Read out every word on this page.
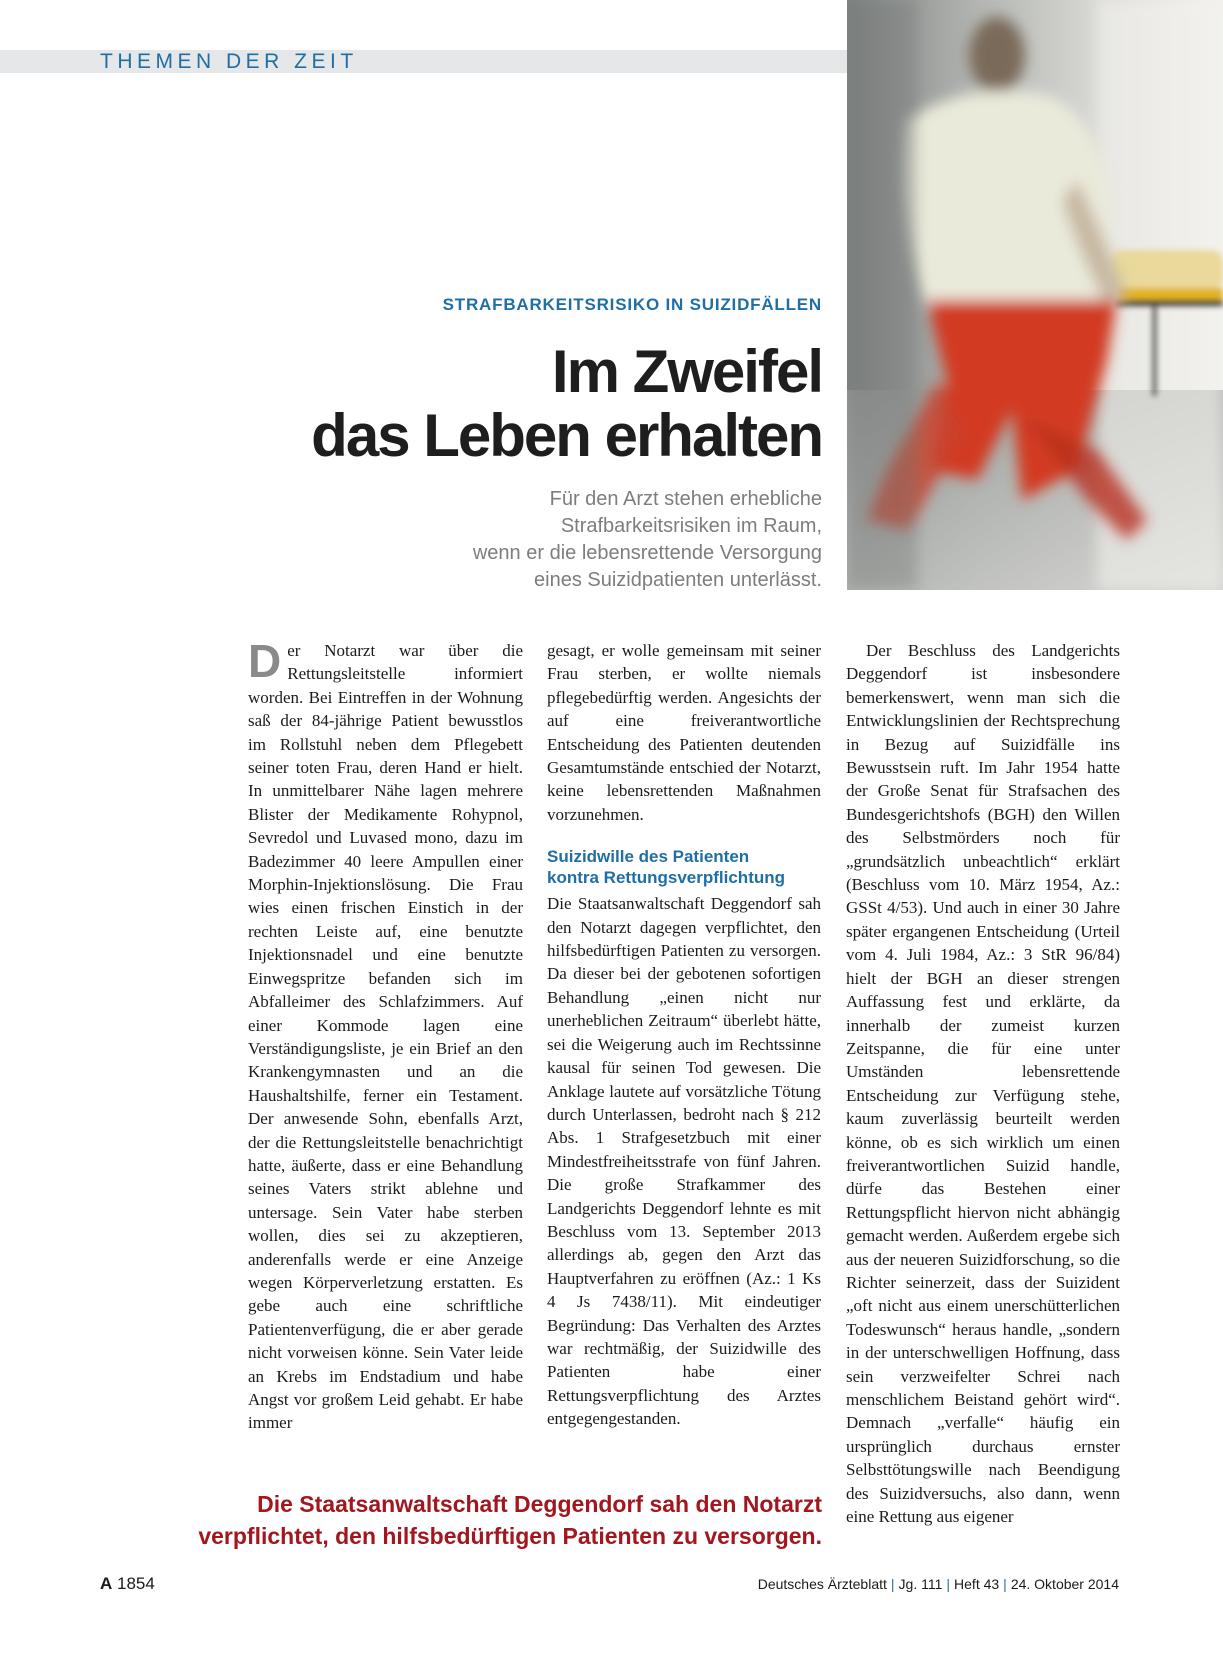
THEMEN DER ZEIT
STRAFBARKEITSRISIKO IN SUIZIDFÄLLEN
Im Zweifel
das Leben erhalten
Für den Arzt stehen erhebliche
Strafbarkeitsrisiken im Raum,
wenn er die lebensrettende Versorgung
eines Suizidpatienten unterlässt.

Der Notarzt war über die Rettungsleitstelle informiert worden. Bei Eintreffen in der Wohnung saß der 84-jährige Patient bewusstlos im Rollstuhl neben dem Pflegebett seiner toten Frau, deren Hand er hielt. In unmittelbarer Nähe lagen mehrere Blister der Medikamente Rohypnol, Sevredol und Luvased mono, dazu im Badezimmer 40 leere Ampullen einer Morphin-Injektionslösung. Die Frau wies einen frischen Einstich in der rechten Leiste auf, eine benutzte Injektionsnadel und eine benutzte Einwegspritze befanden sich im Abfalleimer des Schlafzimmers. Auf einer Kommode lagen eine Verständigungsliste, je ein Brief an den Krankengymnasten und an die Haushaltshilfe, ferner ein Testament. Der anwesende Sohn, ebenfalls Arzt, der die Rettungsleitstelle benachrichtigt hatte, äußerte, dass er eine Behandlung seines Vaters strikt ablehne und untersage. Sein Vater habe sterben wollen, dies sei zu akzeptieren, anderenfalls werde er eine Anzeige wegen Körperverletzung erstatten. Es gebe auch eine schriftliche Patientenverfügung, die er aber gerade nicht vorweisen könne. Sein Vater leide an Krebs im Endstadium und habe Angst vor großem Leid gehabt. Er habe immer

gesagt, er wolle gemeinsam mit seiner Frau sterben, er wollte niemals pflegebedürftig werden. Angesichts der auf eine freiverantwortliche Entscheidung des Patienten deutenden Gesamtumstände entschied der Notarzt, keine lebensrettenden Maßnahmen vorzunehmen.

Suizidwille des Patienten
kontra Rettungsverpflichtung

Die Staatsanwaltschaft Deggendorf sah den Notarzt dagegen verpflichtet, den hilfsbedürftigen Patienten zu versorgen. Da dieser bei der gebotenen sofortigen Behandlung „einen nicht nur unerheblichen Zeitraum“ überlebt hätte, sei die Weigerung auch im Rechtssinne kausal für seinen Tod gewesen. Die Anklage lautete auf vorsätzliche Tötung durch Unterlassen, bedroht nach § 212 Abs. 1 Strafgesetzbuch mit einer Mindestfreiheitsstrafe von fünf Jahren. Die große Strafkammer des Landgerichts Deggendorf lehnte es mit Beschluss vom 13. September 2013 allerdings ab, gegen den Arzt das Hauptverfahren zu eröffnen (Az.: 1 Ks 4 Js 7438/11). Mit eindeutiger Begründung: Das Verhalten des Arztes war rechtmäßig, der Suizidwille des Patienten habe einer Rettungsverpflichtung des Arztes entgegengestanden.

Der Beschluss des Landgerichts Deggendorf ist insbesondere bemerkenswert, wenn man sich die Entwicklungslinien der Rechtsprechung in Bezug auf Suizidfälle ins Bewusstsein ruft. Im Jahr 1954 hatte der Große Senat für Strafsachen des Bundesgerichtshofs (BGH) den Willen des Selbstmörders noch für „grundsätzlich unbeachtlich“ erklärt (Beschluss vom 10. März 1954, Az.: GSSt 4/53). Und auch in einer 30 Jahre später ergangenen Entscheidung (Urteil vom 4. Juli 1984, Az.: 3 StR 96/84) hielt der BGH an dieser strengen Auffassung fest und erklärte, da innerhalb der zumeist kurzen Zeitspanne, die für eine unter Umständen lebensrettende Entscheidung zur Verfügung stehe, kaum zuverlässig beurteilt werden könne, ob es sich wirklich um einen freiverantwortlichen Suizid handle, dürfe das Bestehen einer Rettungspflicht hiervon nicht abhängig gemacht werden. Außerdem ergebe sich aus der neueren Suizidforschung, so die Richter seinerzeit, dass der Suizident „oft nicht aus einem unerschütterlichen Todeswunsch“ heraus handle, „sondern in der unterschwelligen Hoffnung, dass sein verzweifelter Schrei nach menschlichem Beistand gehört wird“. Demnach „verfalle“ häufig ein ursprünglich durchaus ernster Selbsttötungswille nach Beendigung des Suizidversuchs, also dann, wenn eine Rettung aus eigener

Die Staatsanwaltschaft Deggendorf sah den Notarzt
verpflichtet, den hilfsbedürftigen Patienten zu versorgen.
A 1854	Deutsches Ärzteblatt | Jg. 111 | Heft 43 | 24. Oktober 2014
